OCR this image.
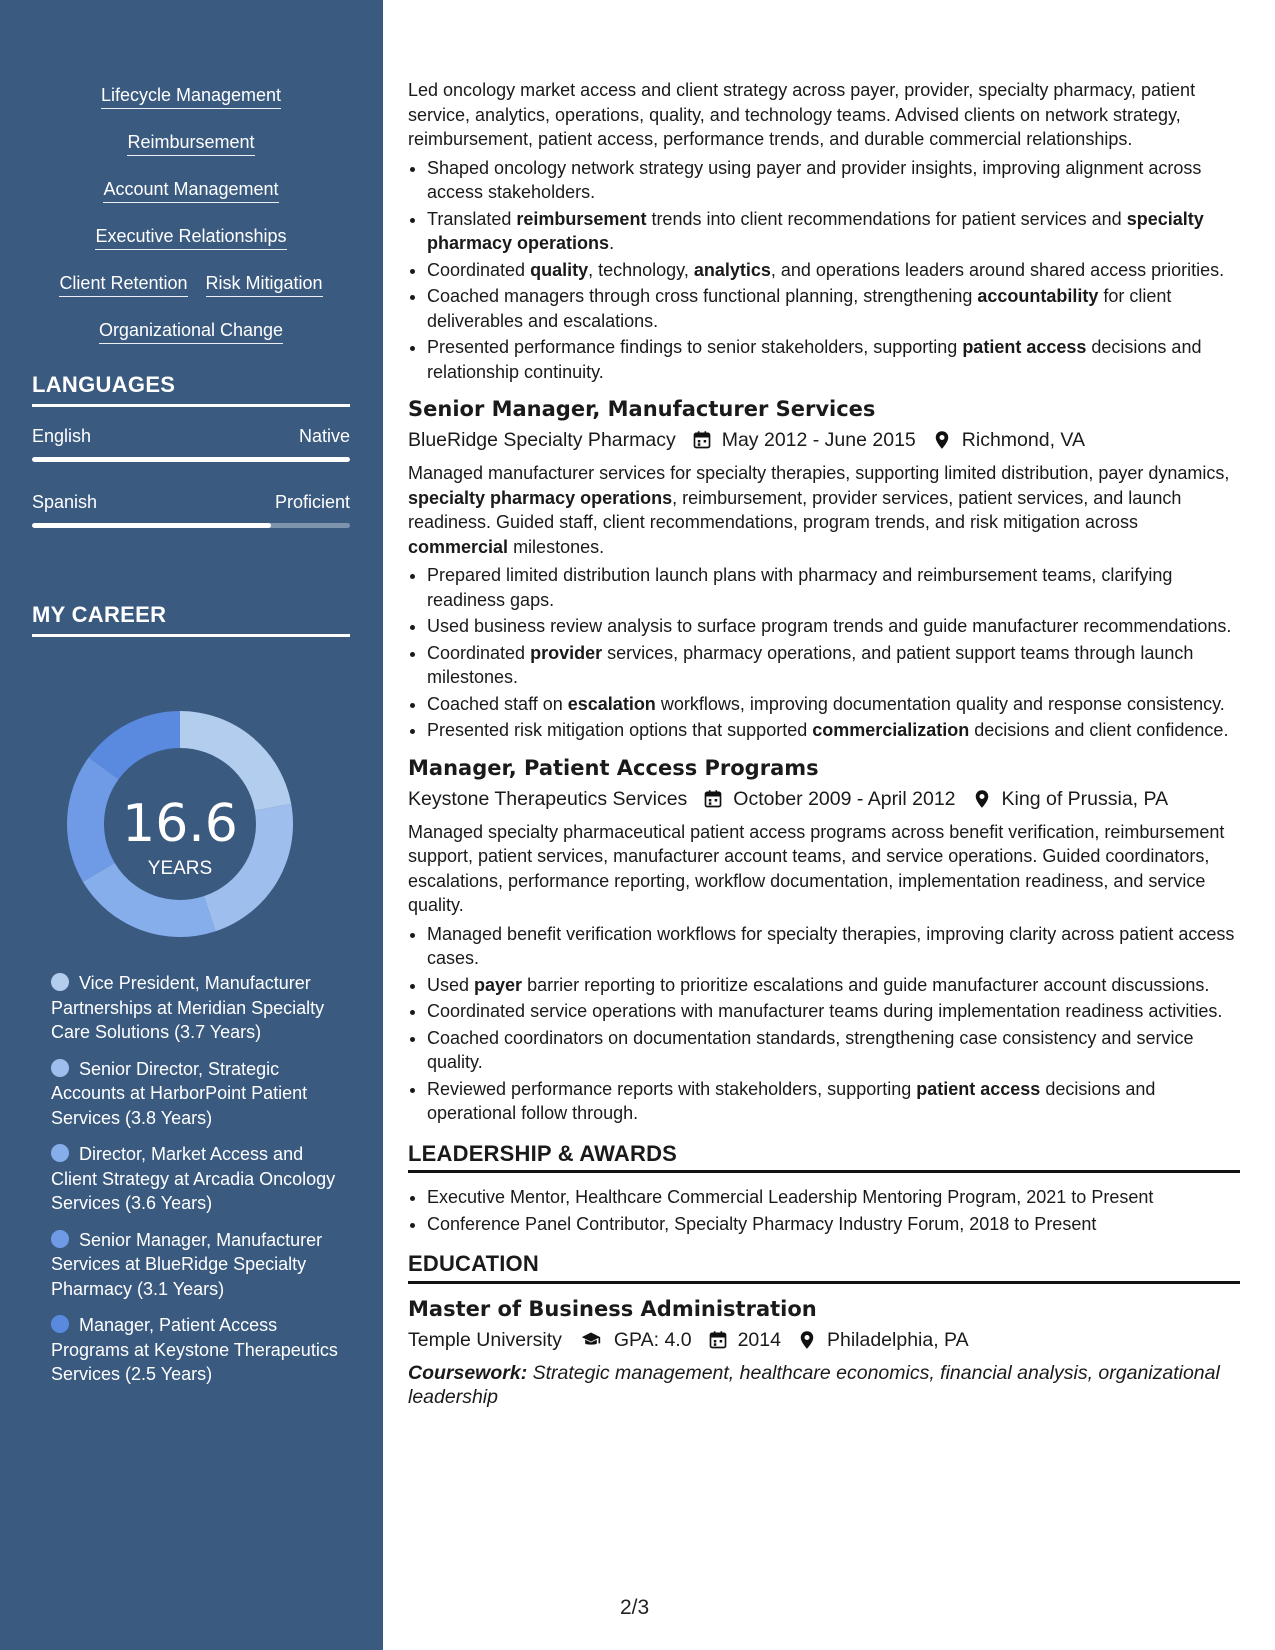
Lifecycle Management
Reimbursement
Account Management
Executive Relationships
Client Retention Risk Mitigation
Organizational Change
LANGUAGES
English	Native
Spanish	Proficient
MY CAREER
16.6
YEARS
Vice President, Manufacturer Partnerships at Meridian Specialty Care Solutions (3.7 Years)
Senior Director, Strategic Accounts at HarborPoint Patient Services (3.8 Years)
Director, Market Access and Client Strategy at Arcadia Oncology Services (3.6 Years)
Senior Manager, Manufacturer Services at BlueRidge Specialty Pharmacy (3.1 Years)
Manager, Patient Access Programs at Keystone Therapeutics Services (2.5 Years)

Led oncology market access and client strategy across payer, provider, specialty pharmacy, patient service, analytics, operations, quality, and technology teams. Advised clients on network strategy, reimbursement, patient access, performance trends, and durable commercial relationships.

• Shaped oncology network strategy using payer and provider insights, improving alignment across access stakeholders.
• Translated reimbursement trends into client recommendations for patient services and specialty pharmacy operations.
• Coordinated quality, technology, analytics, and operations leaders around shared access priorities.
• Coached managers through cross functional planning, strengthening accountability for client deliverables and escalations.
• Presented performance findings to senior stakeholders, supporting patient access decisions and relationship continuity.
Senior Manager, Manufacturer Services
BlueRidge Specialty Pharmacy May 2012 - June 2015 Richmond, VA

Managed manufacturer services for specialty therapies, supporting limited distribution, payer dynamics, specialty pharmacy operations, reimbursement, provider services, patient services, and launch readiness. Guided staff, client recommendations, program trends, and risk mitigation across commercial milestones.

• Prepared limited distribution launch plans with pharmacy and reimbursement teams, clarifying readiness gaps.
• Used business review analysis to surface program trends and guide manufacturer recommendations.
• Coordinated provider services, pharmacy operations, and patient support teams through launch milestones.
• Coached staff on escalation workflows, improving documentation quality and response consistency.
• Presented risk mitigation options that supported commercialization decisions and client confidence.
Manager, Patient Access Programs
Keystone Therapeutics Services October 2009 - April 2012 King of Prussia, PA

Managed specialty pharmaceutical patient access programs across benefit verification, reimbursement support, patient services, manufacturer account teams, and service operations. Guided coordinators, escalations, performance reporting, workflow documentation, implementation readiness, and service quality.

• Managed benefit verification workflows for specialty therapies, improving clarity across patient access cases.
• Used payer barrier reporting to prioritize escalations and guide manufacturer account discussions.
• Coordinated service operations with manufacturer teams during implementation readiness activities.
• Coached coordinators on documentation standards, strengthening case consistency and service quality.
• Reviewed performance reports with stakeholders, supporting patient access decisions and operational follow through.
LEADERSHIP & AWARDS
• Executive Mentor, Healthcare Commercial Leadership Mentoring Program, 2021 to Present
• Conference Panel Contributor, Specialty Pharmacy Industry Forum, 2018 to Present
EDUCATION
Master of Business Administration
Temple University	GPA: 4.0 2014 Philadelphia, PA

Coursework: Strategic management, healthcare economics, financial analysis, organizational leadership

2/3
